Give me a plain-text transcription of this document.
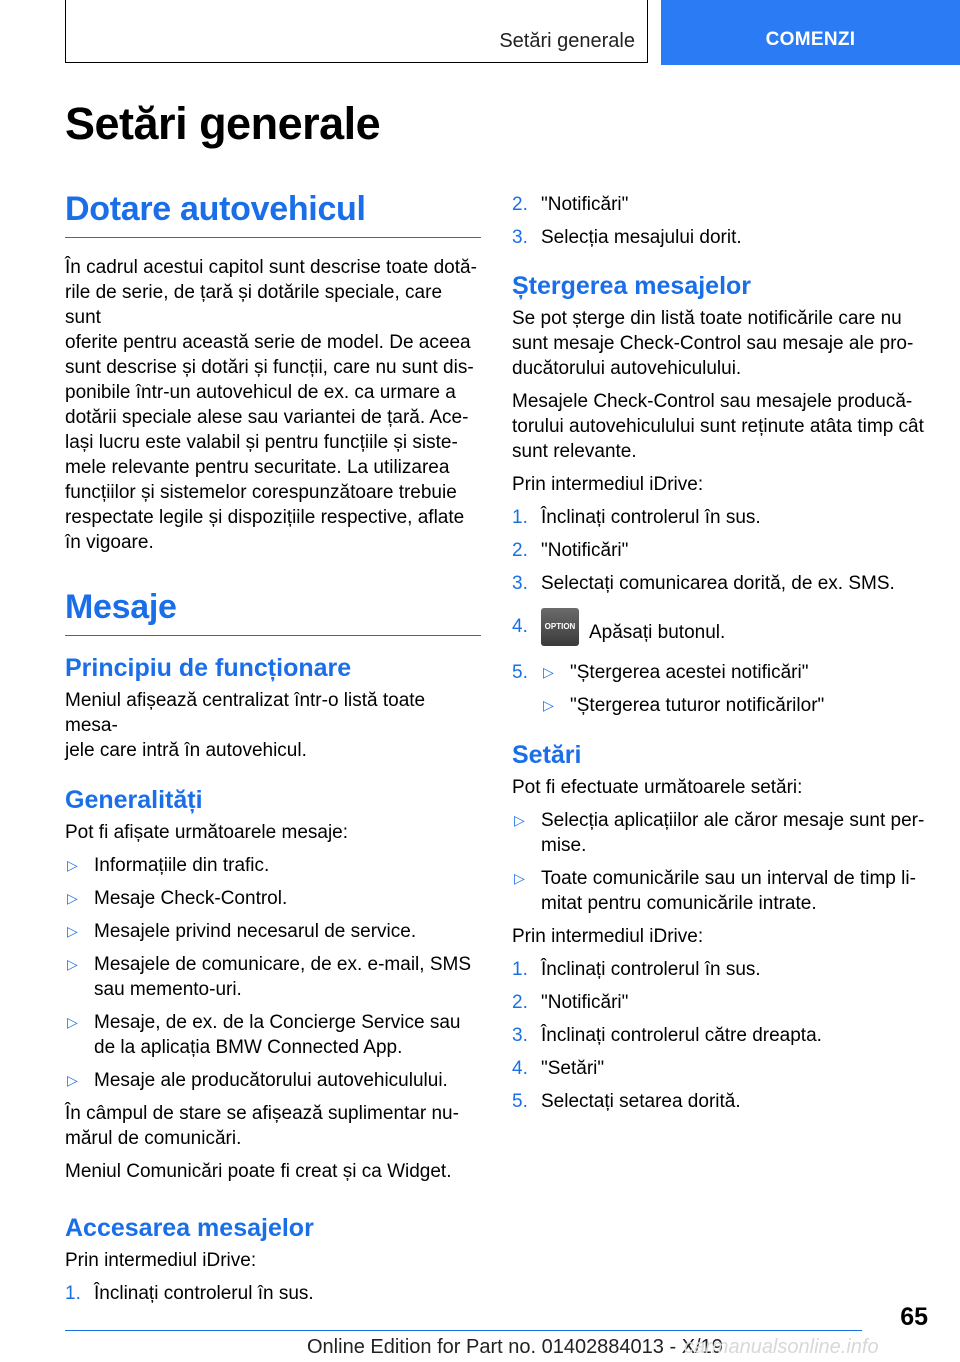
Setări generale	COMENZI
Setări generale
Dotare autovehicul

În cadrul acestui capitol sunt descrise toate dotă-
rile de serie, de țară și dotările speciale, care sunt
oferite pentru această serie de model. De aceea
sunt descrise și dotări și funcții, care nu sunt dis-
ponibile într-un autovehicul de ex. ca urmare a
dotării speciale alese sau variantei de țară. Ace-
lași lucru este valabil și pentru funcțiile și siste-
mele relevante pentru securitate. La utilizarea
funcțiilor și sistemelor corespunzătoare trebuie
respectate legile și dispozițiile respective, aflate
în vigoare.

Mesaje
Principiu de funcționare

Meniul afișează centralizat într-o listă toate mesa-
jele care intră în autovehicul.

Generalități

Pot fi afișate următoarele mesaje:

▷ Informațiile din trafic.
▷ Mesaje Check-Control.
▷ Mesajele privind necesarul de service.
▷ Mesajele de comunicare, de ex. e-mail, SMS
sau memento-uri.
▷ Mesaje, de ex. de la Concierge Service sau
de la aplicația BMW Connected App.
▷ Mesaje ale producătorului autovehiculului.

În câmpul de stare se afișează suplimentar nu-
mărul de comunicări.

Meniul Comunicări poate fi creat și ca Widget.

Accesarea mesajelor

Prin intermediul iDrive:

1. Înclinați controlerul în sus.
2. "Notificări"
3. Selecția mesajului dorit.
Ștergerea mesajelor

Se pot șterge din listă toate notificările care nu
sunt mesaje Check-Control sau mesaje ale pro-
ducătorului autovehiculului.

Mesajele Check-Control sau mesajele producă-
torului autovehiculului sunt reținute atâta timp cât
sunt relevante.

Prin intermediul iDrive:

1. Înclinați controlerul în sus.
2. "Notificări"
3. Selectați comunicarea dorită, de ex. SMS.
4.	OPTION Apăsați butonul.
5.	▷ "Ștergerea acestei notificări"
▷ "Ștergerea tuturor notificărilor"
Setări

Pot fi efectuate următoarele setări:

▷ Selecția aplicațiilor ale căror mesaje sunt per-
mise.
▷ Toate comunicările sau un interval de timp li-
mitat pentru comunicările intrate.

Prin intermediul iDrive:

1. Înclinați controlerul în sus.
2. "Notificări"
3. Înclinați controlerul către dreapta.
4. "Setări"
5. Selectați setarea dorită.
65
Online Edition for Part no. 01402884013 - X/19
carmanualsonline.info
